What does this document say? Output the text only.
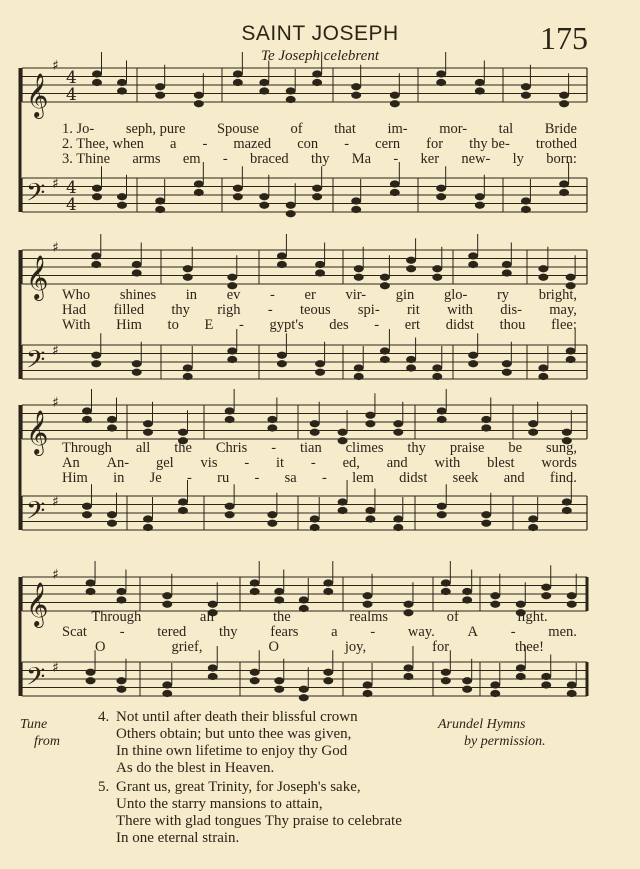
SAINT JOSEPH	175
Te Joseph celebrent
𝄞
♯
4
4
𝄢 ♯ 4
4
𝄞
♯
𝄢 ♯
𝄞
♯
𝄢 ♯
𝄞
♯
𝄢 ♯
1. Jo- seph, pure Spouse of that im- mor- tal Bride
2. Thee, when a - mazed con - cern for thy be- trothed
3. Thine arms em - braced thy Ma - ker new- ly born:
Who shines in ev - er vir- gin glo- ry bright,
Had filled thy righ - teous spi- rit with dis- may,
With Him to E - gypt's des - ert didst thou flee:
Through all the Chris - tian climes thy praise be sung,
An An- gel vis - it - ed, and with blest words
Him in Je - ru - sa - lem didst seek and find.
Through	all	the	realms	of	light.
Scat - tered thy fears a - way. A - men.
O	grief,	O	joy,	for	thee!
Tune
from
Arundel Hymns
by permission.
4. Not until after death their blissful crown
Others obtain; but unto thee was given,
In thine own lifetime to enjoy thy God
As do the blest in Heaven.
5. Grant us, great Trinity, for Joseph's sake,
Unto the starry mansions to attain,
There with glad tongues Thy praise to celebrate
In one eternal strain.
